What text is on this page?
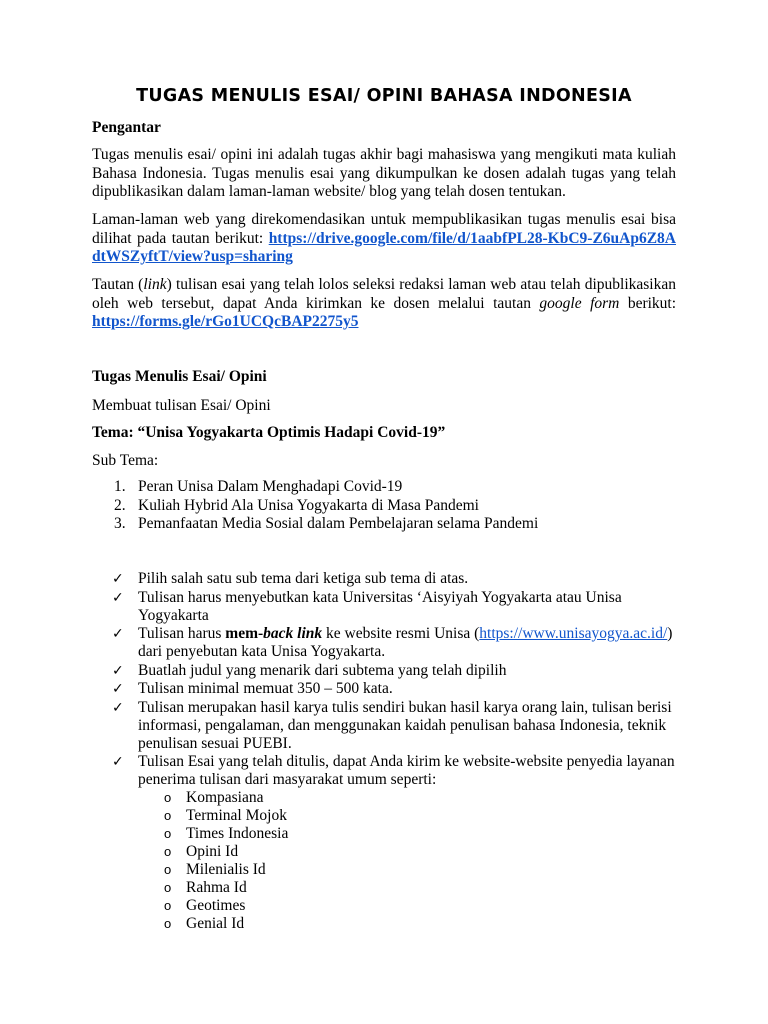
TUGAS MENULIS ESAI/ OPINI BAHASA INDONESIA
Pengantar
Tugas menulis esai/ opini ini adalah tugas akhir bagi mahasiswa yang mengikuti mata kuliah Bahasa Indonesia. Tugas menulis esai yang dikumpulkan ke dosen adalah tugas yang telah dipublikasikan dalam laman-laman website/ blog yang telah dosen tentukan.
Laman-laman web yang direkomendasikan untuk mempublikasikan tugas menulis esai bisa dilihat pada tautan berikut: https://drive.google.com/file/d/1aabfPL28-KbC9-Z6uAp6Z8AdtWSZyftT/view?usp=sharing
Tautan (link) tulisan esai yang telah lolos seleksi redaksi laman web atau telah dipublikasikan oleh web tersebut, dapat Anda kirimkan ke dosen melalui tautan google form berikut: https://forms.gle/rGo1UCQcBAP2275y5
Tugas Menulis Esai/ Opini
Membuat tulisan Esai/ Opini
Tema: “Unisa Yogyakarta Optimis Hadapi Covid-19”
Sub Tema:
1. Peran Unisa Dalam Menghadapi Covid-19
2. Kuliah Hybrid Ala Unisa Yogyakarta di Masa Pandemi
3. Pemanfaatan Media Sosial dalam Pembelajaran selama Pandemi
✓ Pilih salah satu sub tema dari ketiga sub tema di atas.
✓ Tulisan harus menyebutkan kata Universitas ‘Aisyiyah Yogyakarta atau Unisa Yogyakarta
✓ Tulisan harus mem-back link ke website resmi Unisa (https://www.unisayogya.ac.id/) dari penyebutan kata Unisa Yogyakarta.
✓ Buatlah judul yang menarik dari subtema yang telah dipilih
✓ Tulisan minimal memuat 350 – 500 kata.
✓ Tulisan merupakan hasil karya tulis sendiri bukan hasil karya orang lain, tulisan berisi informasi, pengalaman, dan menggunakan kaidah penulisan bahasa Indonesia, teknik penulisan sesuai PUEBI.
✓ Tulisan Esai yang telah ditulis, dapat Anda kirim ke website-website penyedia layanan penerima tulisan dari masyarakat umum seperti:
o Kompasiana
o Terminal Mojok
o Times Indonesia
o Opini Id
o Milenialis Id
o Rahma Id
o Geotimes
o Genial Id
